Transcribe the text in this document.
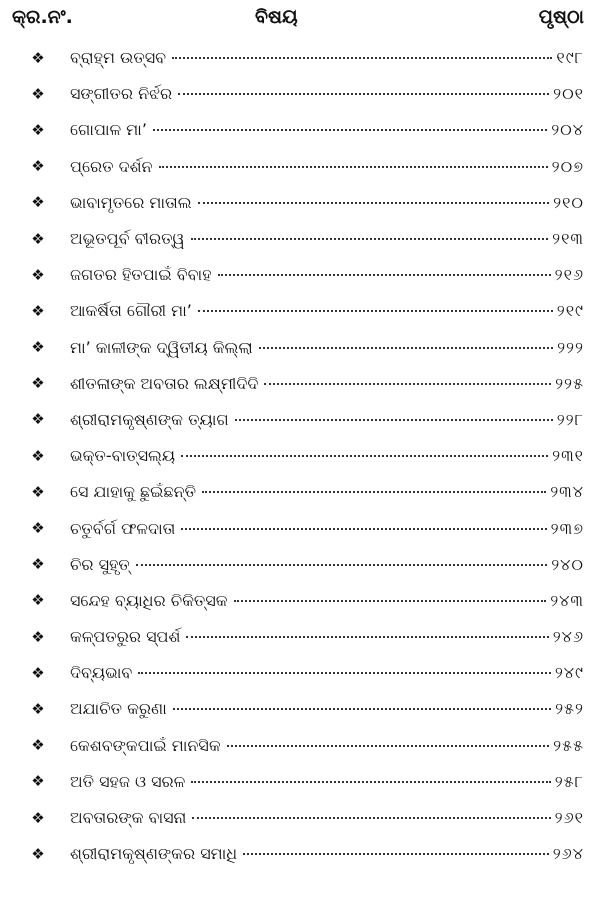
କ୍ର.ନଂ.	ବିଷୟ	ପୃଷ୍ଠା
❖ ବ୍ରାହ୍ମ ଉତ୍ସବ	୧୯୮
❖ ସଙ୍ଗୀତର ନିର୍ଝର	୨୦୧
❖ ଗୋପାଳ ମା’	୨୦୪
❖ ପ୍ରେତ ଦର୍ଶନ	୨୦୭
❖ ଭାବାମୃତରେ ମାତାଲ	୨୧୦
❖ ଅଭୂତପୂର୍ବ ବୀରତ୍ୱ	୨୧୩
❖ ଜଗତର ହିତପାଇଁ ବିବାହ	୨୧୬
❖ ଆକର୍ଷିତା ଗୌରୀ ମା’	୨୧୯
❖ ମା’ କାଳୀଙ୍କ ଦ୍ୱିତୀୟ କିଲ୍ଲା	୨୨୨
❖ ଶୀତଳାଙ୍କ ଅବତାର ଲକ୍ଷ୍ମୀଦିଦି	୨୨୫
❖ ଶ୍ରୀରାମକୃଷ୍ଣଙ୍କ ତ୍ୟାଗ	୨୨୮
❖ ଭକ୍ତ-ବାତ୍ସଲ୍ୟ	୨୩୧
❖ ସେ ଯାହାକୁ ଛୁଇଁଛନ୍ତି	୨୩୪
❖ ଚତୁର୍ବର୍ଗ ଫଳଦାତା	୨୩୭
❖ ଚିର ସୁହୃତ୍	୨୪୦
❖ ସନ୍ଦେହ ବ୍ୟାଧିର ଚିକିତ୍ସକ	୨୪୩
❖ କଳ୍ପତରୁର ସ୍ପର୍ଶ	୨୪୬
❖ ଦିବ୍ୟଭାବ	୨୪୯
❖ ଅଯାଚିତ କରୁଣା	୨୫୨
❖ କେଶବଙ୍କପାଇଁ ମାନସିକ	୨୫୫
❖ ଅତି ସହଜ ଓ ସରଳ	୨୫୮
❖ ଅବତାରଙ୍କ ବାସନା	୨୬୧
❖ ଶ୍ରୀରାମକୃଷ୍ଣଙ୍କର ସମାଧି	୨୬୪
